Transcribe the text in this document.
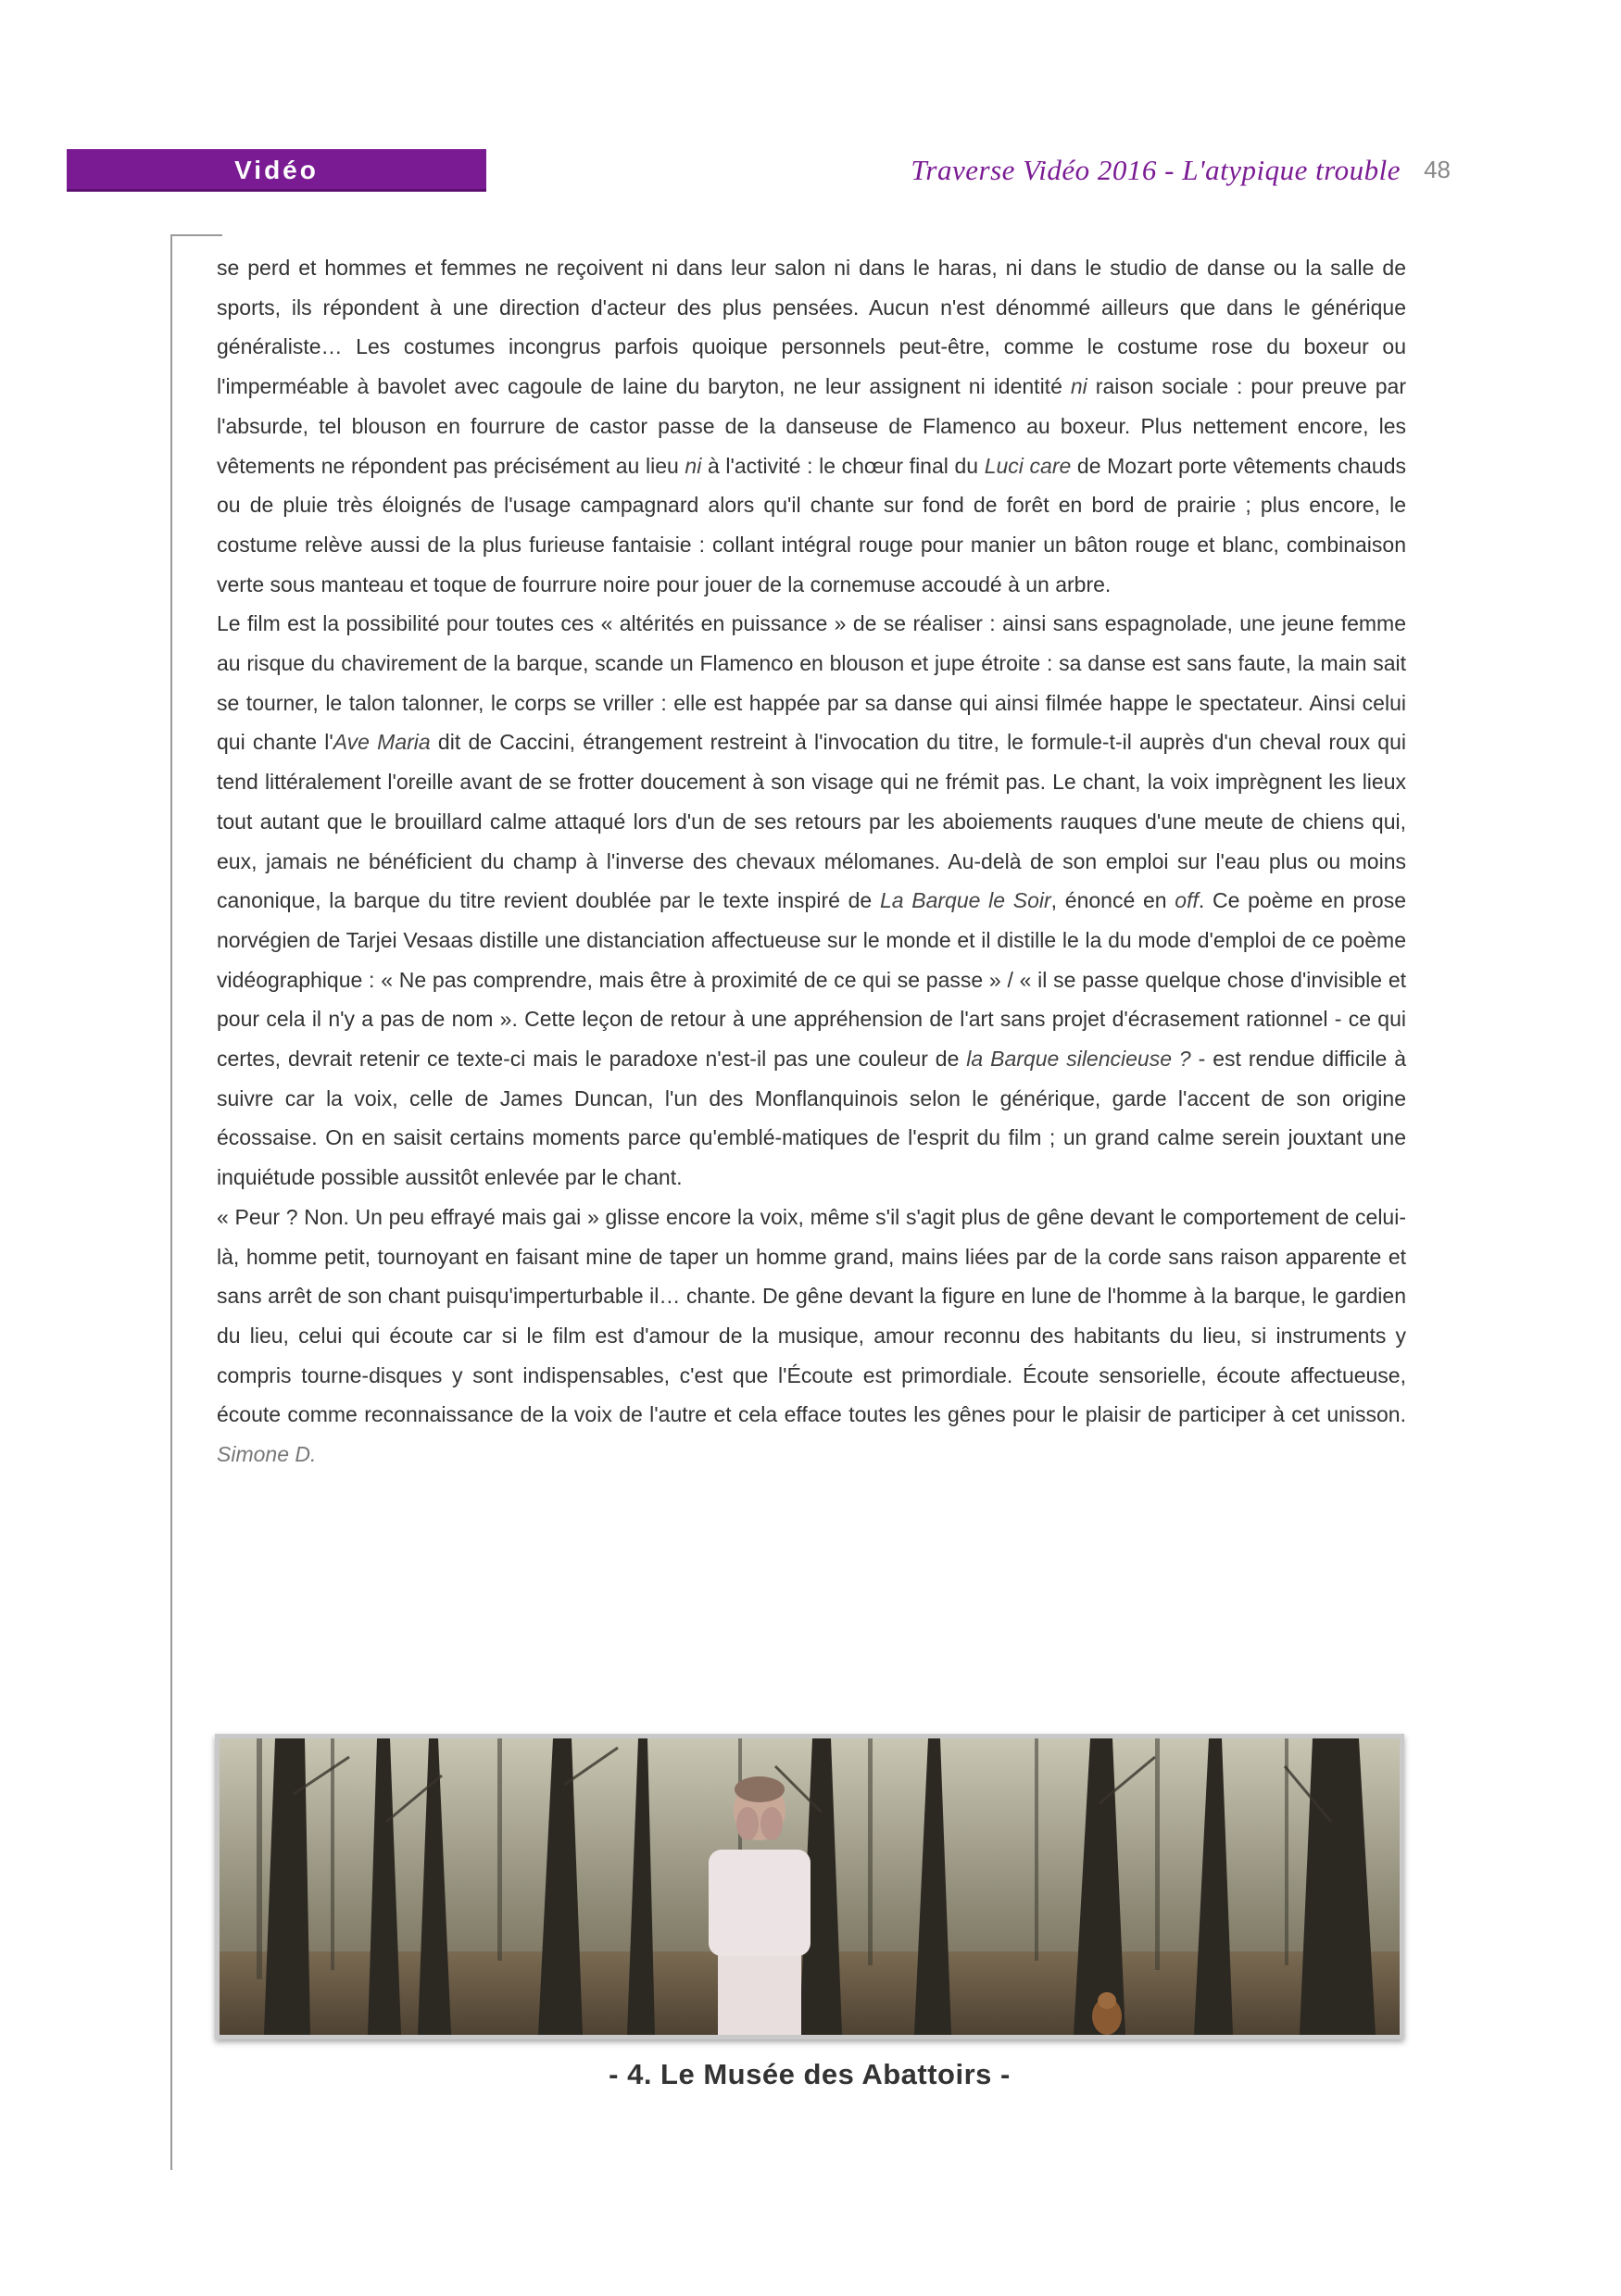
Vidéo	Traverse Vidéo 2016 - L'atypique trouble 48

se perd et hommes et femmes ne reçoivent ni dans leur salon ni dans le haras, ni dans le studio de danse ou la salle de sports, ils répondent à une direction d'acteur des plus pensées. Aucun n'est dénommé ailleurs que dans le générique généraliste… Les costumes incongrus parfois quoique personnels peut-être, comme le costume rose du boxeur ou l'imperméable à bavolet avec cagoule de laine du baryton, ne leur assignent ni identité ni raison sociale : pour preuve par l'absurde, tel blouson en fourrure de castor passe de la danseuse de Flamenco au boxeur. Plus nettement encore, les vêtements ne répondent pas précisément au lieu ni à l'activité : le chœur final du Luci care de Mozart porte vêtements chauds ou de pluie très éloignés de l'usage campagnard alors qu'il chante sur fond de forêt en bord de prairie ; plus encore, le costume relève aussi de la plus furieuse fantaisie : collant intégral rouge pour manier un bâton rouge et blanc, combinaison verte sous manteau et toque de fourrure noire pour jouer de la cornemuse accoudé à un arbre.

Le film est la possibilité pour toutes ces « altérités en puissance » de se réaliser : ainsi sans espagnolade, une jeune femme au risque du chavirement de la barque, scande un Flamenco en blouson et jupe étroite : sa danse est sans faute, la main sait se tourner, le talon talonner, le corps se vriller : elle est happée par sa danse qui ainsi filmée happe le spectateur. Ainsi celui qui chante l'Ave Maria dit de Caccini, étrangement restreint à l'invocation du titre, le formule-t-il auprès d'un cheval roux qui tend littéralement l'oreille avant de se frotter doucement à son visage qui ne frémit pas. Le chant, la voix imprègnent les lieux tout autant que le brouillard calme attaqué lors d'un de ses retours par les aboiements rauques d'une meute de chiens qui, eux, jamais ne bénéficient du champ à l'inverse des chevaux mélomanes. Au-delà de son emploi sur l'eau plus ou moins canonique, la barque du titre revient doublée par le texte inspiré de La Barque le Soir, énoncé en off. Ce poème en prose norvégien de Tarjei Vesaas distille une distanciation affectueuse sur le monde et il distille le la du mode d'emploi de ce poème vidéographique : « Ne pas comprendre, mais être à proximité de ce qui se passe » / « il se passe quelque chose d'invisible et pour cela il n'y a pas de nom ». Cette leçon de retour à une appréhension de l'art sans projet d'écrasement rationnel - ce qui certes, devrait retenir ce texte-ci mais le paradoxe n'est-il pas une couleur de la Barque silencieuse ? - est rendue difficile à suivre car la voix, celle de James Duncan, l'un des Monflanquinois selon le générique, garde l'accent de son origine écossaise. On en saisit certains moments parce qu'emblé-matiques de l'esprit du film ; un grand calme serein jouxtant une inquiétude possible aussitôt enlevée par le chant.

« Peur ? Non. Un peu effrayé mais gai » glisse encore la voix, même s'il s'agit plus de gêne devant le comportement de celui-là, homme petit, tournoyant en faisant mine de taper un homme grand, mains liées par de la corde sans raison apparente et sans arrêt de son chant puisqu'imperturbable il… chante. De gêne devant la figure en lune de l'homme à la barque, le gardien du lieu, celui qui écoute car si le film est d'amour de la musique, amour reconnu des habitants du lieu, si instruments y compris tourne-disques y sont indispensables, c'est que l'Écoute est primordiale. Écoute sensorielle, écoute affectueuse, écoute comme reconnaissance de la voix de l'autre et cela efface toutes les gênes pour le plaisir de participer à cet unisson. Simone D.

- 4. Le Musée des Abattoirs -
